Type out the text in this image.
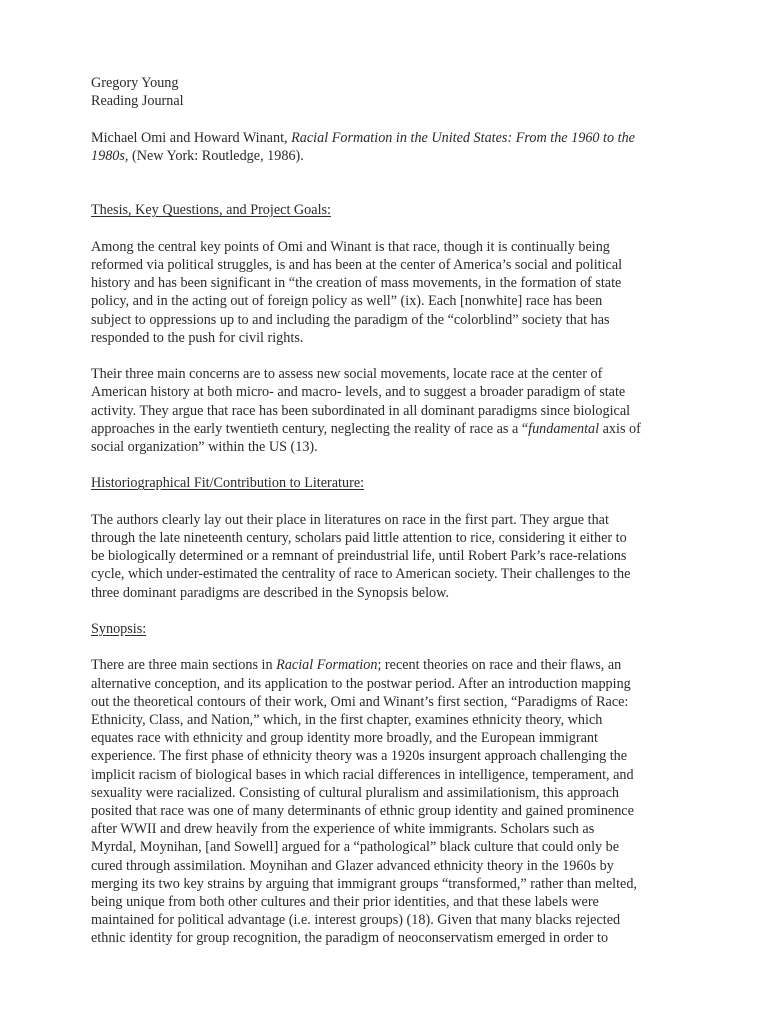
Gregory Young
Reading Journal
Michael Omi and Howard Winant, Racial Formation in the United States: From the 1960 to the
1980s, (New York: Routledge, 1986).
Thesis, Key Questions, and Project Goals:
Among the central key points of Omi and Winant is that race, though it is continually being
reformed via political struggles, is and has been at the center of America’s social and political
history and has been significant in “the creation of mass movements, in the formation of state
policy, and in the acting out of foreign policy as well” (ix). Each [nonwhite] race has been
subject to oppressions up to and including the paradigm of the “colorblind” society that has
responded to the push for civil rights.
Their three main concerns are to assess new social movements, locate race at the center of
American history at both micro- and macro- levels, and to suggest a broader paradigm of state
activity. They argue that race has been subordinated in all dominant paradigms since biological
approaches in the early twentieth century, neglecting the reality of race as a “fundamental axis of
social organization” within the US (13).
Historiographical Fit/Contribution to Literature:
The authors clearly lay out their place in literatures on race in the first part. They argue that
through the late nineteenth century, scholars paid little attention to rice, considering it either to
be biologically determined or a remnant of preindustrial life, until Robert Park’s race-relations
cycle, which under-estimated the centrality of race to American society. Their challenges to the
three dominant paradigms are described in the Synopsis below.
Synopsis:
There are three main sections in Racial Formation; recent theories on race and their flaws, an
alternative conception, and its application to the postwar period. After an introduction mapping
out the theoretical contours of their work, Omi and Winant’s first section, “Paradigms of Race:
Ethnicity, Class, and Nation,” which, in the first chapter, examines ethnicity theory, which
equates race with ethnicity and group identity more broadly, and the European immigrant
experience. The first phase of ethnicity theory was a 1920s insurgent approach challenging the
implicit racism of biological bases in which racial differences in intelligence, temperament, and
sexuality were racialized. Consisting of cultural pluralism and assimilationism, this approach
posited that race was one of many determinants of ethnic group identity and gained prominence
after WWII and drew heavily from the experience of white immigrants. Scholars such as
Myrdal, Moynihan, [and Sowell] argued for a “pathological” black culture that could only be
cured through assimilation. Moynihan and Glazer advanced ethnicity theory in the 1960s by
merging its two key strains by arguing that immigrant groups “transformed,” rather than melted,
being unique from both other cultures and their prior identities, and that these labels were
maintained for political advantage (i.e. interest groups) (18). Given that many blacks rejected
ethnic identity for group recognition, the paradigm of neoconservatism emerged in order to
